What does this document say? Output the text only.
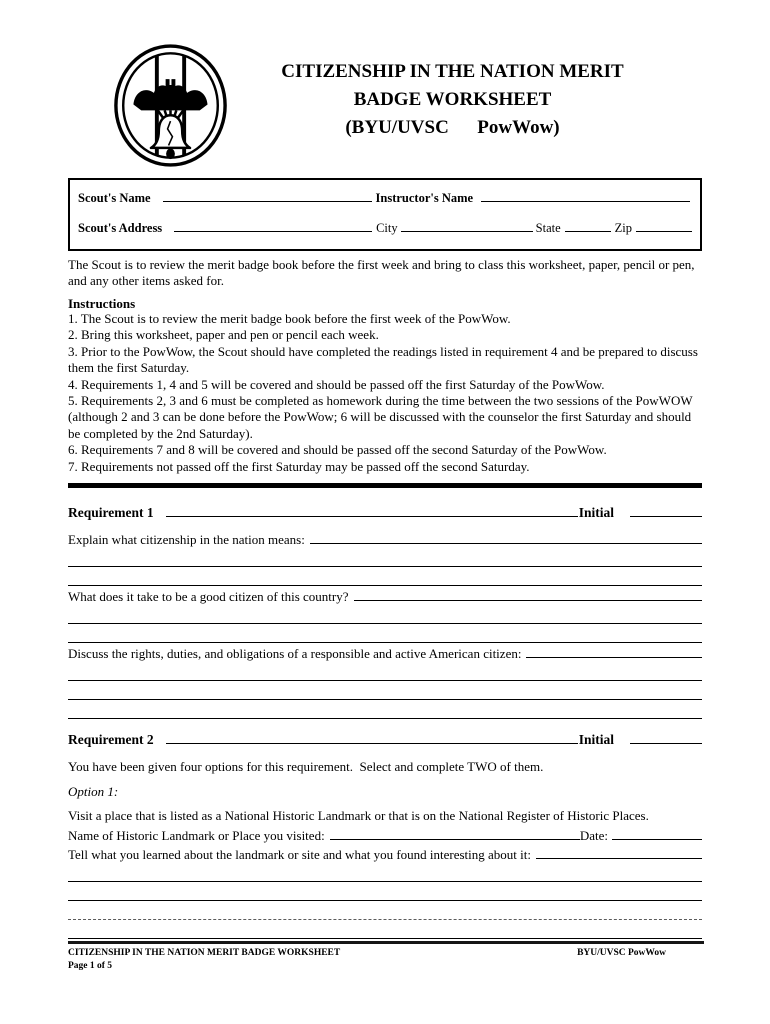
CITIZENSHIP IN THE NATION MERIT
BADGE WORKSHEET
(BYU/UVSC      PowWow)
Scout's Name	Instructor's Name
Scout's Address	City	State	Zip
The Scout is to review the merit badge book before the first week and bring to class this worksheet, paper, pencil or pen, and any other items asked for.
Instructions
1. The Scout is to review the merit badge book before the first week of the PowWow.
2. Bring this worksheet, paper and pen or pencil each week.
3. Prior to the PowWow, the Scout should have completed the readings listed in requirement 4 and be prepared to discuss them the first Saturday.
4. Requirements 1, 4 and 5 will be covered and should be passed off the first Saturday of the PowWow.
5. Requirements 2, 3 and 6 must be completed as homework during the time between the two sessions of the PowWOW (although 2 and 3 can be done before the PowWow; 6 will be discussed with the counselor the first Saturday and should be completed by the 2nd Saturday).
6. Requirements 7 and 8 will be covered and should be passed off the second Saturday of the PowWow.
7. Requirements not passed off the first Saturday may be passed off the second Saturday.
Requirement 1	Initial
Explain what citizenship in the nation means:
What does it take to be a good citizen of this country?
Discuss the rights, duties, and obligations of a responsible and active American citizen:
Requirement 2	Initial
You have been given four options for this requirement.  Select and complete TWO of them.
Option 1:
Visit a place that is listed as a National Historic Landmark or that is on the National Register of Historic Places.
Name of Historic Landmark or Place you visited:	Date:
Tell what you learned about the landmark or site and what you found interesting about it:
CITIZENSHIP IN THE NATION MERIT BADGE WORKSHEET	BYU/UVSC PowWow
Page 1 of 5
